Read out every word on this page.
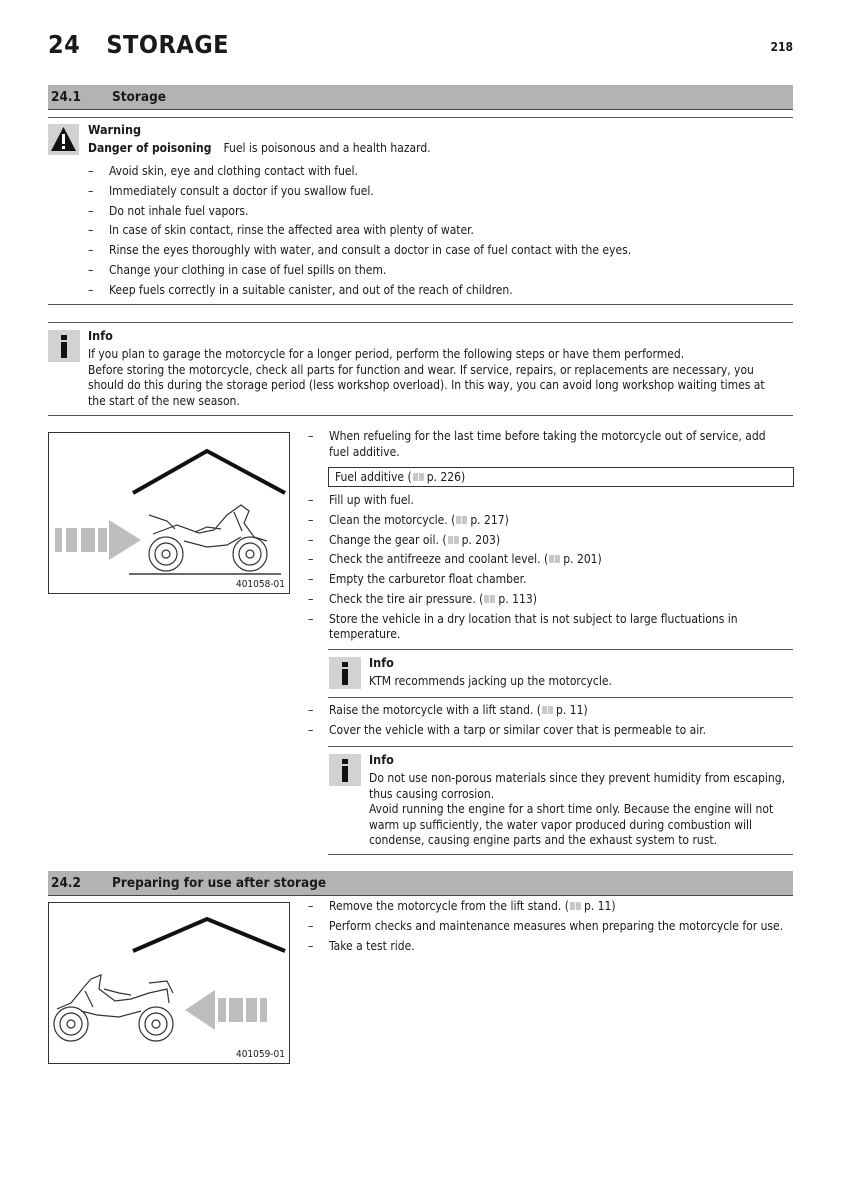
24 STORAGE	218
24.1 Storage
Warning
Danger of poisoning Fuel is poisonous and a health hazard.
– Avoid skin, eye and clothing contact with fuel.
– Immediately consult a doctor if you swallow fuel.
– Do not inhale fuel vapors.
– In case of skin contact, rinse the affected area with plenty of water.
– Rinse the eyes thoroughly with water, and consult a doctor in case of fuel contact with the eyes.
– Change your clothing in case of fuel spills on them.
– Keep fuels correctly in a suitable canister, and out of the reach of children.
Info
If you plan to garage the motorcycle for a longer period, perform the following steps or have them performed.
Before storing the motorcycle, check all parts for function and wear. If service, repairs, or replacements are necessary, you should do this during the storage period (less workshop overload). In this way, you can avoid long workshop waiting times at the start of the new season.
401058-01
– When refueling for the last time before taking the motorcycle out of service, add fuel additive.
Fuel additive ( p. 226)
– Fill up with fuel.
– Clean the motorcycle. ( p. 217)
– Change the gear oil. ( p. 203)
– Check the antifreeze and coolant level. ( p. 201)
– Empty the carburetor float chamber.
– Check the tire air pressure. ( p. 113)
– Store the vehicle in a dry location that is not subject to large fluctuations in temperature.
Info
KTM recommends jacking up the motorcycle.
– Raise the motorcycle with a lift stand. ( p. 11)
– Cover the vehicle with a tarp or similar cover that is permeable to air.
Info
Do not use non-porous materials since they prevent humidity from escaping, thus causing corrosion.
Avoid running the engine for a short time only. Because the engine will not warm up sufficiently, the water vapor produced during combustion will condense, causing engine parts and the exhaust system to rust.
24.2 Preparing for use after storage
401059-01
– Remove the motorcycle from the lift stand. ( p. 11)
– Perform checks and maintenance measures when preparing the motorcycle for use.
– Take a test ride.
